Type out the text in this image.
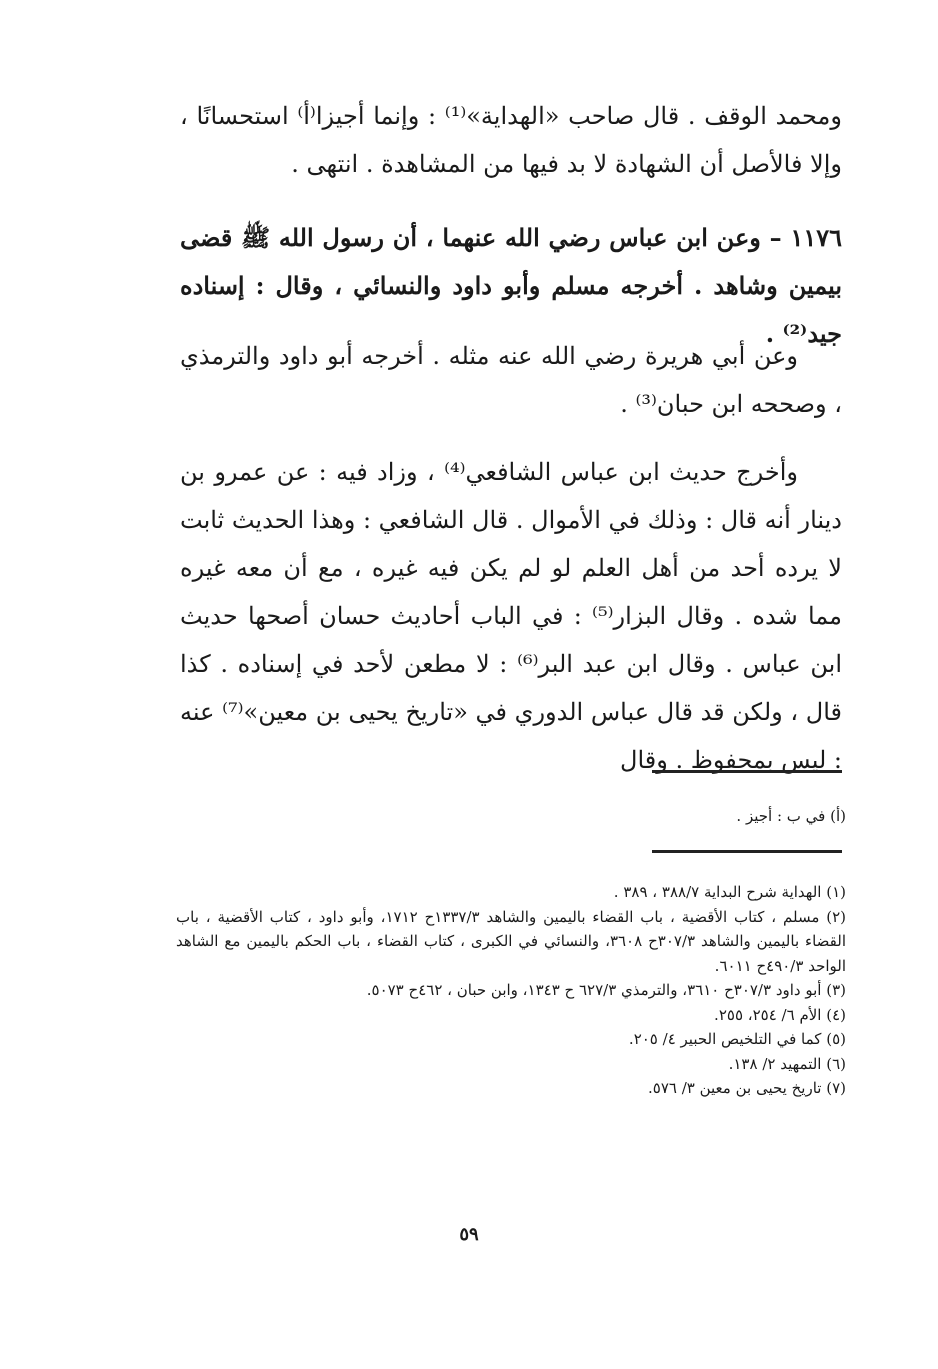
ومحمد الوقف . قال صاحب «الهداية»⁽¹⁾ : وإنما أجيزا⁽أ⁾ استحسانًا ، وإلا فالأصل أن الشهادة لا بد فيها من المشاهدة . انتهى .

١١٧٦ – وعن ابن عباس رضي الله عنهما ، أن رسول الله ﷺ قضى بيمين وشاهد . أخرجه مسلم وأبو داود والنسائي ، وقال : إسناده جيد⁽²⁾ .

وعن أبي هريرة رضي الله عنه مثله . أخرجه أبو داود والترمذي ، وصححه ابن حبان⁽³⁾ .

وأخرج حديث ابن عباس الشافعي⁽⁴⁾ ، وزاد فيه : عن عمرو بن دينار أنه قال : وذلك في الأموال . قال الشافعي : وهذا الحديث ثابت لا يرده أحد من أهل العلم لو لم يكن فيه غيره ، مع أن معه غيره مما شده . وقال البزار⁽⁵⁾ : في الباب أحاديث حسان أصحها حديث ابن عباس . وقال ابن عبد البر⁽⁶⁾ : لا مطعن لأحد في إسناده . كذا قال ، ولكن قد قال عباس الدوري في «تاريخ يحيى بن معين»⁽⁷⁾ عنه : ليس بمحفوظ . وقال

(أ) في ب : أجيز .

(١) الهداية شرح البداية ٣٨٨/٧ ، ٣٨٩ .
(٢) مسلم ، كتاب الأقضية ، باب القضاء باليمين والشاهد ١٣٣٧/٣ح ١٧١٢، وأبو داود ، كتاب الأقضية ، باب القضاء باليمين والشاهد ٣٠٧/٣ح ٣٦٠٨، والنسائي في الكبرى ، كتاب القضاء ، باب الحكم باليمين مع الشاهد الواحد ٤٩٠/٣ح ٦٠١١.
(٣) أبو داود ٣٠٧/٣ح ٣٦١٠، والترمذي ٦٢٧/٣ ح ١٣٤٣، وابن حبان ، ٤٦٢ح ٥٠٧٣.
(٤) الأم ٦/ ٢٥٤، ٢٥٥.
(٥) كما في التلخيص الحبير ٤/ ٢٠٥.
(٦) التمهيد ٢/ ١٣٨.
(٧) تاريخ يحيى بن معين ٣/ ٥٧٦.
٥٩
